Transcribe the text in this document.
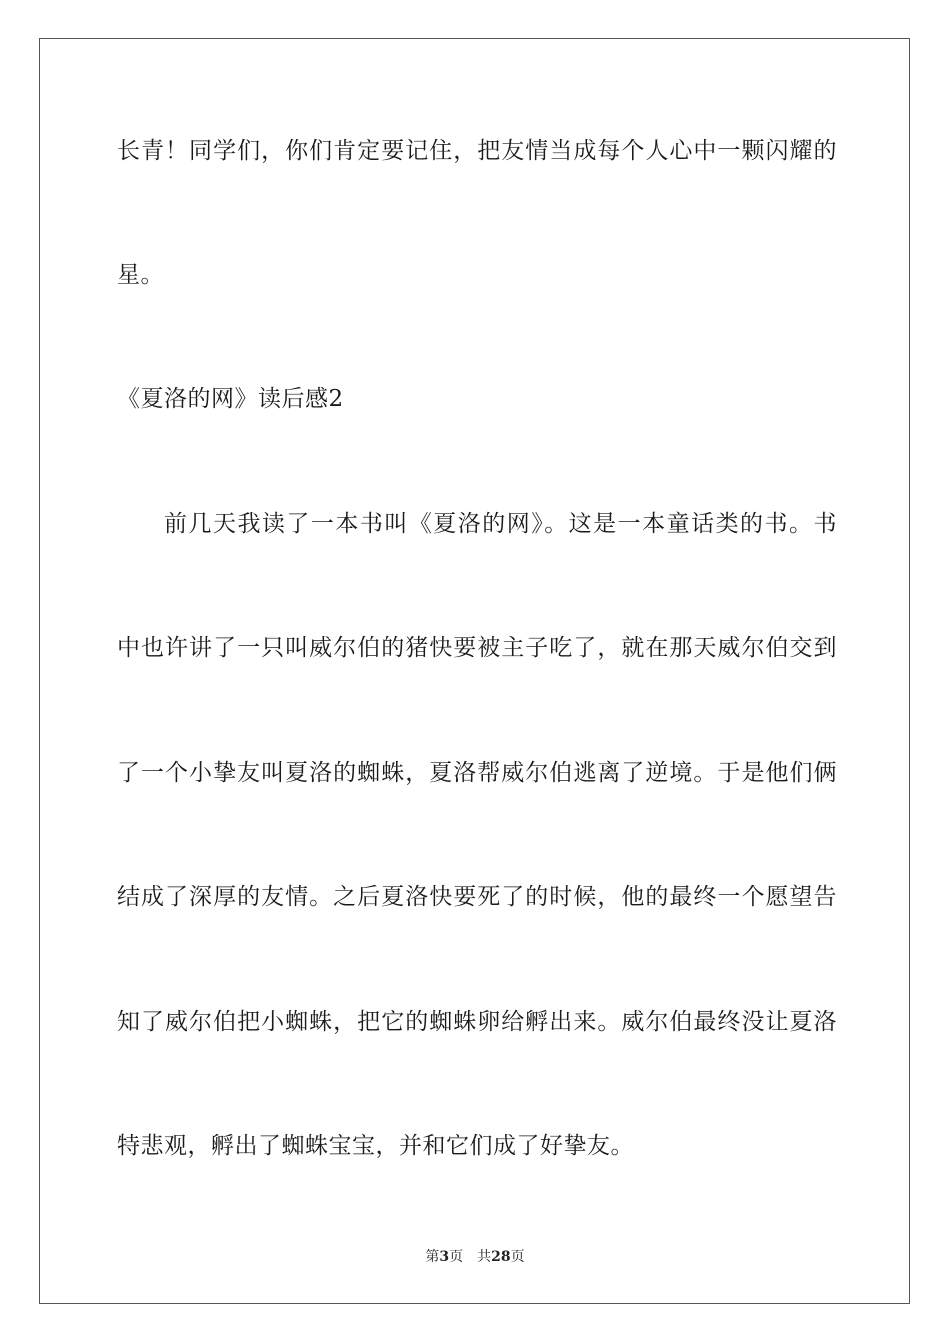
长青！同学们，你们肯定要记住，把友情当成每个人心中一颗闪耀的
星。
《夏洛的网》读后感2
前几天我读了一本书叫《夏洛的网》。这是一本童话类的书。书
中也许讲了一只叫威尔伯的猪快要被主子吃了，就在那天威尔伯交到
了一个小挚友叫夏洛的蜘蛛，夏洛帮威尔伯逃离了逆境。于是他们俩
结成了深厚的友情。之后夏洛快要死了的时候，他的最终一个愿望告
知了威尔伯把小蜘蛛，把它的蜘蛛卵给孵出来。威尔伯最终没让夏洛
特悲观，孵出了蜘蛛宝宝，并和它们成了好挚友。
第3页 共28页
